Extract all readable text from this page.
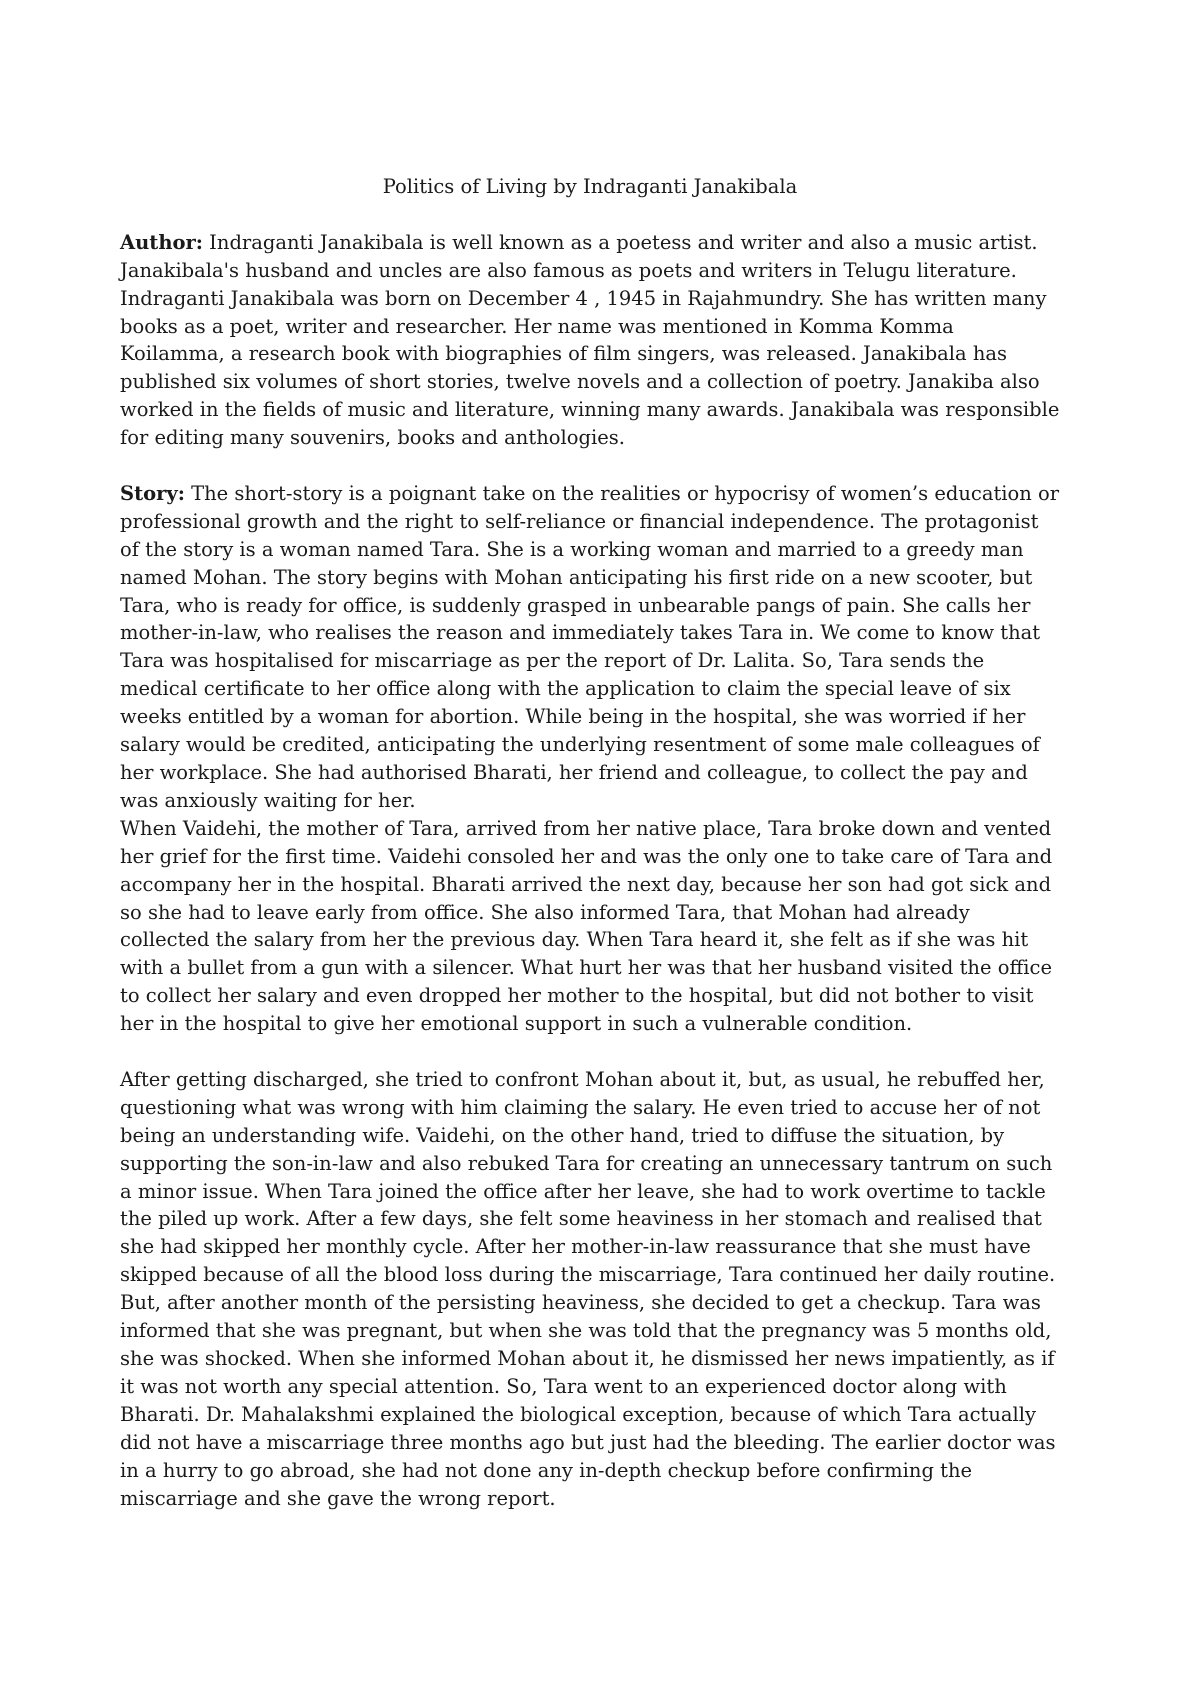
Politics of Living by Indraganti Janakibala

Author: Indraganti Janakibala is well known as a poetess and writer and also a music artist. Janakibala's husband and uncles are also famous as poets and writers in Telugu literature. Indraganti Janakibala was born on December 4 , 1945 in Rajahmundry. She has written many books as a poet, writer and researcher. Her name was mentioned in Komma Komma Koilamma, a research book with biographies of film singers, was released. Janakibala has published six volumes of short stories, twelve novels and a collection of poetry. Janakiba also worked in the fields of music and literature, winning many awards. Janakibala was responsible for editing many souvenirs, books and anthologies.

Story: The short-story is a poignant take on the realities or hypocrisy of women’s education or professional growth and the right to self-reliance or financial independence. The protagonist of the story is a woman named Tara. She is a working woman and married to a greedy man named Mohan. The story begins with Mohan anticipating his first ride on a new scooter, but Tara, who is ready for office, is suddenly grasped in unbearable pangs of pain. She calls her mother-in-law, who realises the reason and immediately takes Tara in. We come to know that Tara was hospitalised for miscarriage as per the report of Dr. Lalita. So, Tara sends the medical certificate to her office along with the application to claim the special leave of six weeks entitled by a woman for abortion. While being in the hospital, she was worried if her salary would be credited, anticipating the underlying resentment of some male colleagues of her workplace. She had authorised Bharati, her friend and colleague, to collect the pay and was anxiously waiting for her.

When Vaidehi, the mother of Tara, arrived from her native place, Tara broke down and vented her grief for the first time. Vaidehi consoled her and was the only one to take care of Tara and accompany her in the hospital. Bharati arrived the next day, because her son had got sick and so she had to leave early from office. She also informed Tara, that Mohan had already collected the salary from her the previous day. When Tara heard it, she felt as if she was hit with a bullet from a gun with a silencer. What hurt her was that her husband visited the office to collect her salary and even dropped her mother to the hospital, but did not bother to visit her in the hospital to give her emotional support in such a vulnerable condition.

After getting discharged, she tried to confront Mohan about it, but, as usual, he rebuffed her, questioning what was wrong with him claiming the salary. He even tried to accuse her of not being an understanding wife. Vaidehi, on the other hand, tried to diffuse the situation, by supporting the son-in-law and also rebuked Tara for creating an unnecessary tantrum on such a minor issue. When Tara joined the office after her leave, she had to work overtime to tackle the piled up work. After a few days, she felt some heaviness in her stomach and realised that she had skipped her monthly cycle. After her mother-in-law reassurance that she must have skipped because of all the blood loss during the miscarriage, Tara continued her daily routine. But, after another month of the persisting heaviness, she decided to get a checkup. Tara was informed that she was pregnant, but when she was told that the pregnancy was 5 months old, she was shocked. When she informed Mohan about it, he dismissed her news impatiently, as if it was not worth any special attention. So, Tara went to an experienced doctor along with Bharati. Dr. Mahalakshmi explained the biological exception, because of which Tara actually did not have a miscarriage three months ago but just had the bleeding. The earlier doctor was in a hurry to go abroad, she had not done any in-depth checkup before confirming the miscarriage and she gave the wrong report.
